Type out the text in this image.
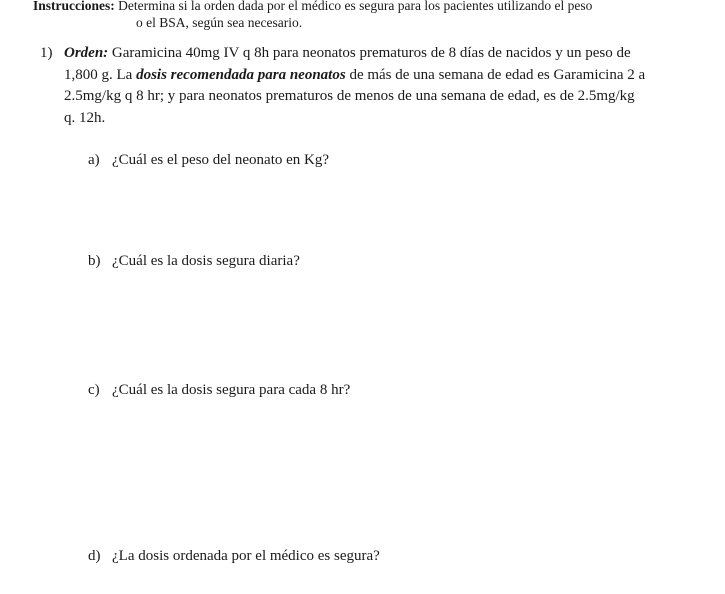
Instrucciones: Determina si la orden dada por el médico es segura para los pacientes utilizando el peso
o el BSA, según sea necesario.
1) Orden: Garamicina 40mg IV q 8h para neonatos prematuros de 8 días de nacidos y un peso de 1,800 g. La dosis recomendada para neonatos de más de una semana de edad es Garamicina 2 a 2.5mg/kg q 8 hr; y para neonatos prematuros de menos de una semana de edad, es de 2.5mg/kg q. 12h.
a) ¿Cuál es el peso del neonato en Kg?
b) ¿Cuál es la dosis segura diaria?
c) ¿Cuál es la dosis segura para cada 8 hr?
d) ¿La dosis ordenada por el médico es segura?
